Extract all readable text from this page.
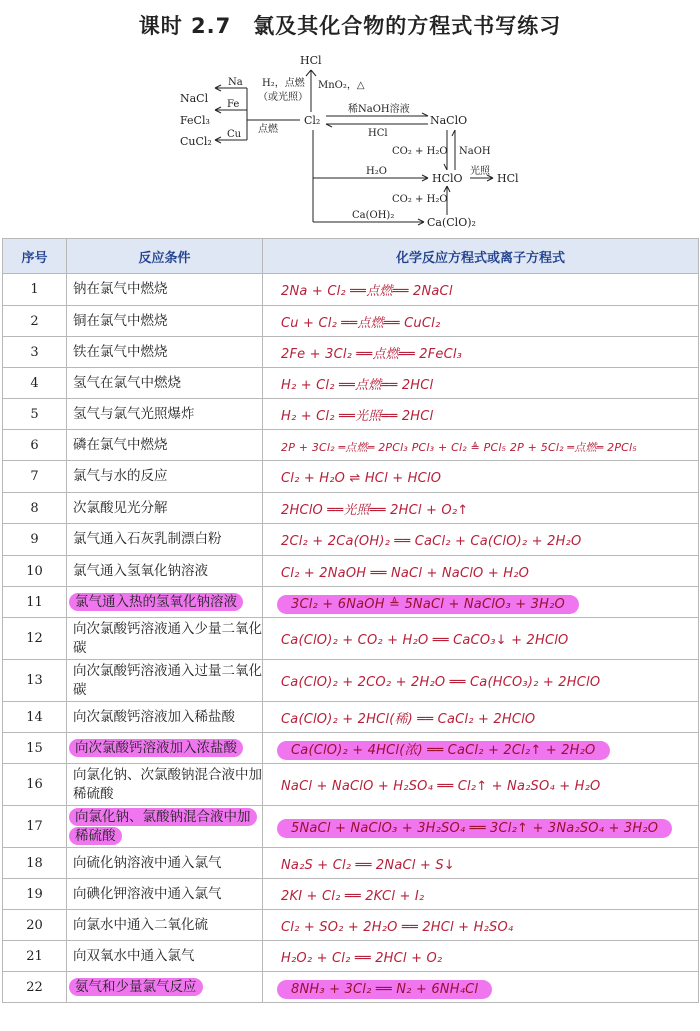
课时 2.7 氯及其化合物的方程式书写练习
HCl
H₂，点燃
（或光照）
MnO₂，△
Cl₂
NaCl
FeCl₃
CuCl₂
Na
Fe
Cu 点燃
NaClO
稀NaOH溶液
HCl
CO₂ + H₂O NaOH
H₂O
HClO
光照
HCl
CO₂ + H₂O
Ca(OH)₂
Ca(ClO)₂
序号	反应条件	化学反应方程式或离子方程式
1	钠在氯气中燃烧	2Na + Cl₂ ══点燃══ 2NaCl
2	铜在氯气中燃烧	Cu + Cl₂ ══点燃══ CuCl₂
3	铁在氯气中燃烧	2Fe + 3Cl₂ ══点燃══ 2FeCl₃
4	氢气在氯气中燃烧	H₂ + Cl₂ ══点燃══ 2HCl
5	氢气与氯气光照爆炸	H₂ + Cl₂ ══光照══ 2HCl
6	磷在氯气中燃烧	2P + 3Cl₂ ═点燃═ 2PCl₃ PCl₃ + Cl₂ ≜ PCl₅ 2P + 5Cl₂ ═点燃═ 2PCl₅
7	氯气与水的反应	Cl₂ + H₂O ⇌ HCl + HClO
8	次氯酸见光分解	2HClO ══光照══ 2HCl + O₂↑
9	氯气通入石灰乳制漂白粉	2Cl₂ + 2Ca(OH)₂ ══ CaCl₂ + Ca(ClO)₂ + 2H₂O
10	氯气通入氢氧化钠溶液	Cl₂ + 2NaOH ══ NaCl + NaClO + H₂O
11	氯气通入热的氢氧化钠溶液	3Cl₂ + 6NaOH ≜ 5NaCl + NaClO₃ + 3H₂O
12	向次氯酸钙溶液通入少量二氧化碳	Ca(ClO)₂ + CO₂ + H₂O ══ CaCO₃↓ + 2HClO
13	向次氯酸钙溶液通入过量二氧化碳	Ca(ClO)₂ + 2CO₂ + 2H₂O ══ Ca(HCO₃)₂ + 2HClO
14	向次氯酸钙溶液加入稀盐酸	Ca(ClO)₂ + 2HCl(稀) ══ CaCl₂ + 2HClO
15	向次氯酸钙溶液加入浓盐酸	Ca(ClO)₂ + 4HCl(浓) ══ CaCl₂ + 2Cl₂↑ + 2H₂O
16	向氯化钠、次氯酸钠混合液中加稀硫酸	NaCl + NaClO + H₂SO₄ ══ Cl₂↑ + Na₂SO₄ + H₂O
17	向氯化钠、氯酸钠混合液中加稀硫酸	5NaCl + NaClO₃ + 3H₂SO₄ ══ 3Cl₂↑ + 3Na₂SO₄ + 3H₂O
18	向硫化钠溶液中通入氯气	Na₂S + Cl₂ ══ 2NaCl + S↓
19	向碘化钾溶液中通入氯气	2KI + Cl₂ ══ 2KCl + I₂
20	向氯水中通入二氧化硫	Cl₂ + SO₂ + 2H₂O ══ 2HCl + H₂SO₄
21	向双氧水中通入氯气	H₂O₂ + Cl₂ ══ 2HCl + O₂
22	氨气和少量氯气反应	8NH₃ + 3Cl₂ ══ N₂ + 6NH₄Cl
